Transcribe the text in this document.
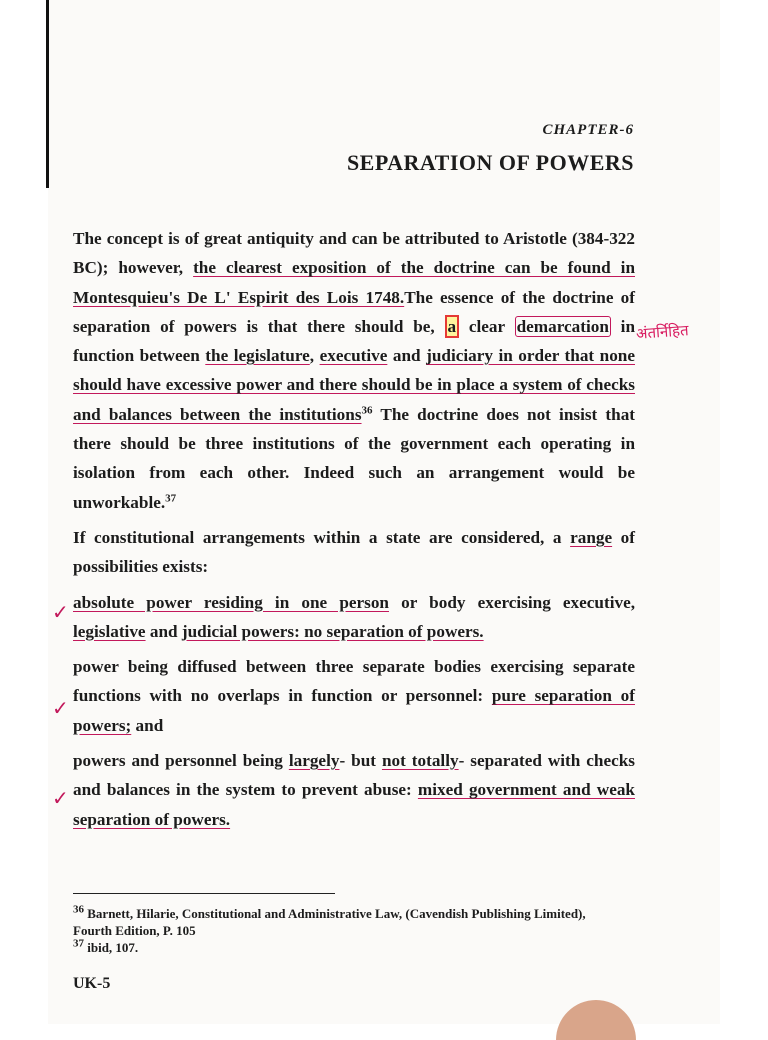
CHAPTER-6
SEPARATION OF POWERS

The concept is of great antiquity and can be attributed to Aristotle (384-322 BC); however, the clearest exposition of the doctrine can be found in Montesquieu's De L' Espirit des Lois 1748.The essence of the doctrine of separation of powers is that there should be, a clear demarcation in function between the legislature, executive and judiciary in order that none should have excessive power and there should be in place a system of checks and balances between the institutions$^{36}$ The doctrine does not insist that there should be three institutions of the government each operating in isolation from each other. Indeed such an arrangement would be unworkable.$^{37}$

If constitutional arrangements within a state are considered, a range of possibilities exists:

absolute power residing in one person or body exercising executive, legislative and judicial powers: no separation of powers.

power being diffused between three separate bodies exercising separate functions with no overlaps in function or personnel: pure separation of powers; and

powers and personnel being largely- but not totally- separated with checks and balances in the system to prevent abuse: mixed government and weak separation of powers.

अंतर्निहित
✓
✓
✓

$^{36}$ Barnett, Hilarie, Constitutional and Administrative Law, (Cavendish Publishing Limited), Fourth Edition, P. 105

$^{37}$ ibid, 107.

UK-5
